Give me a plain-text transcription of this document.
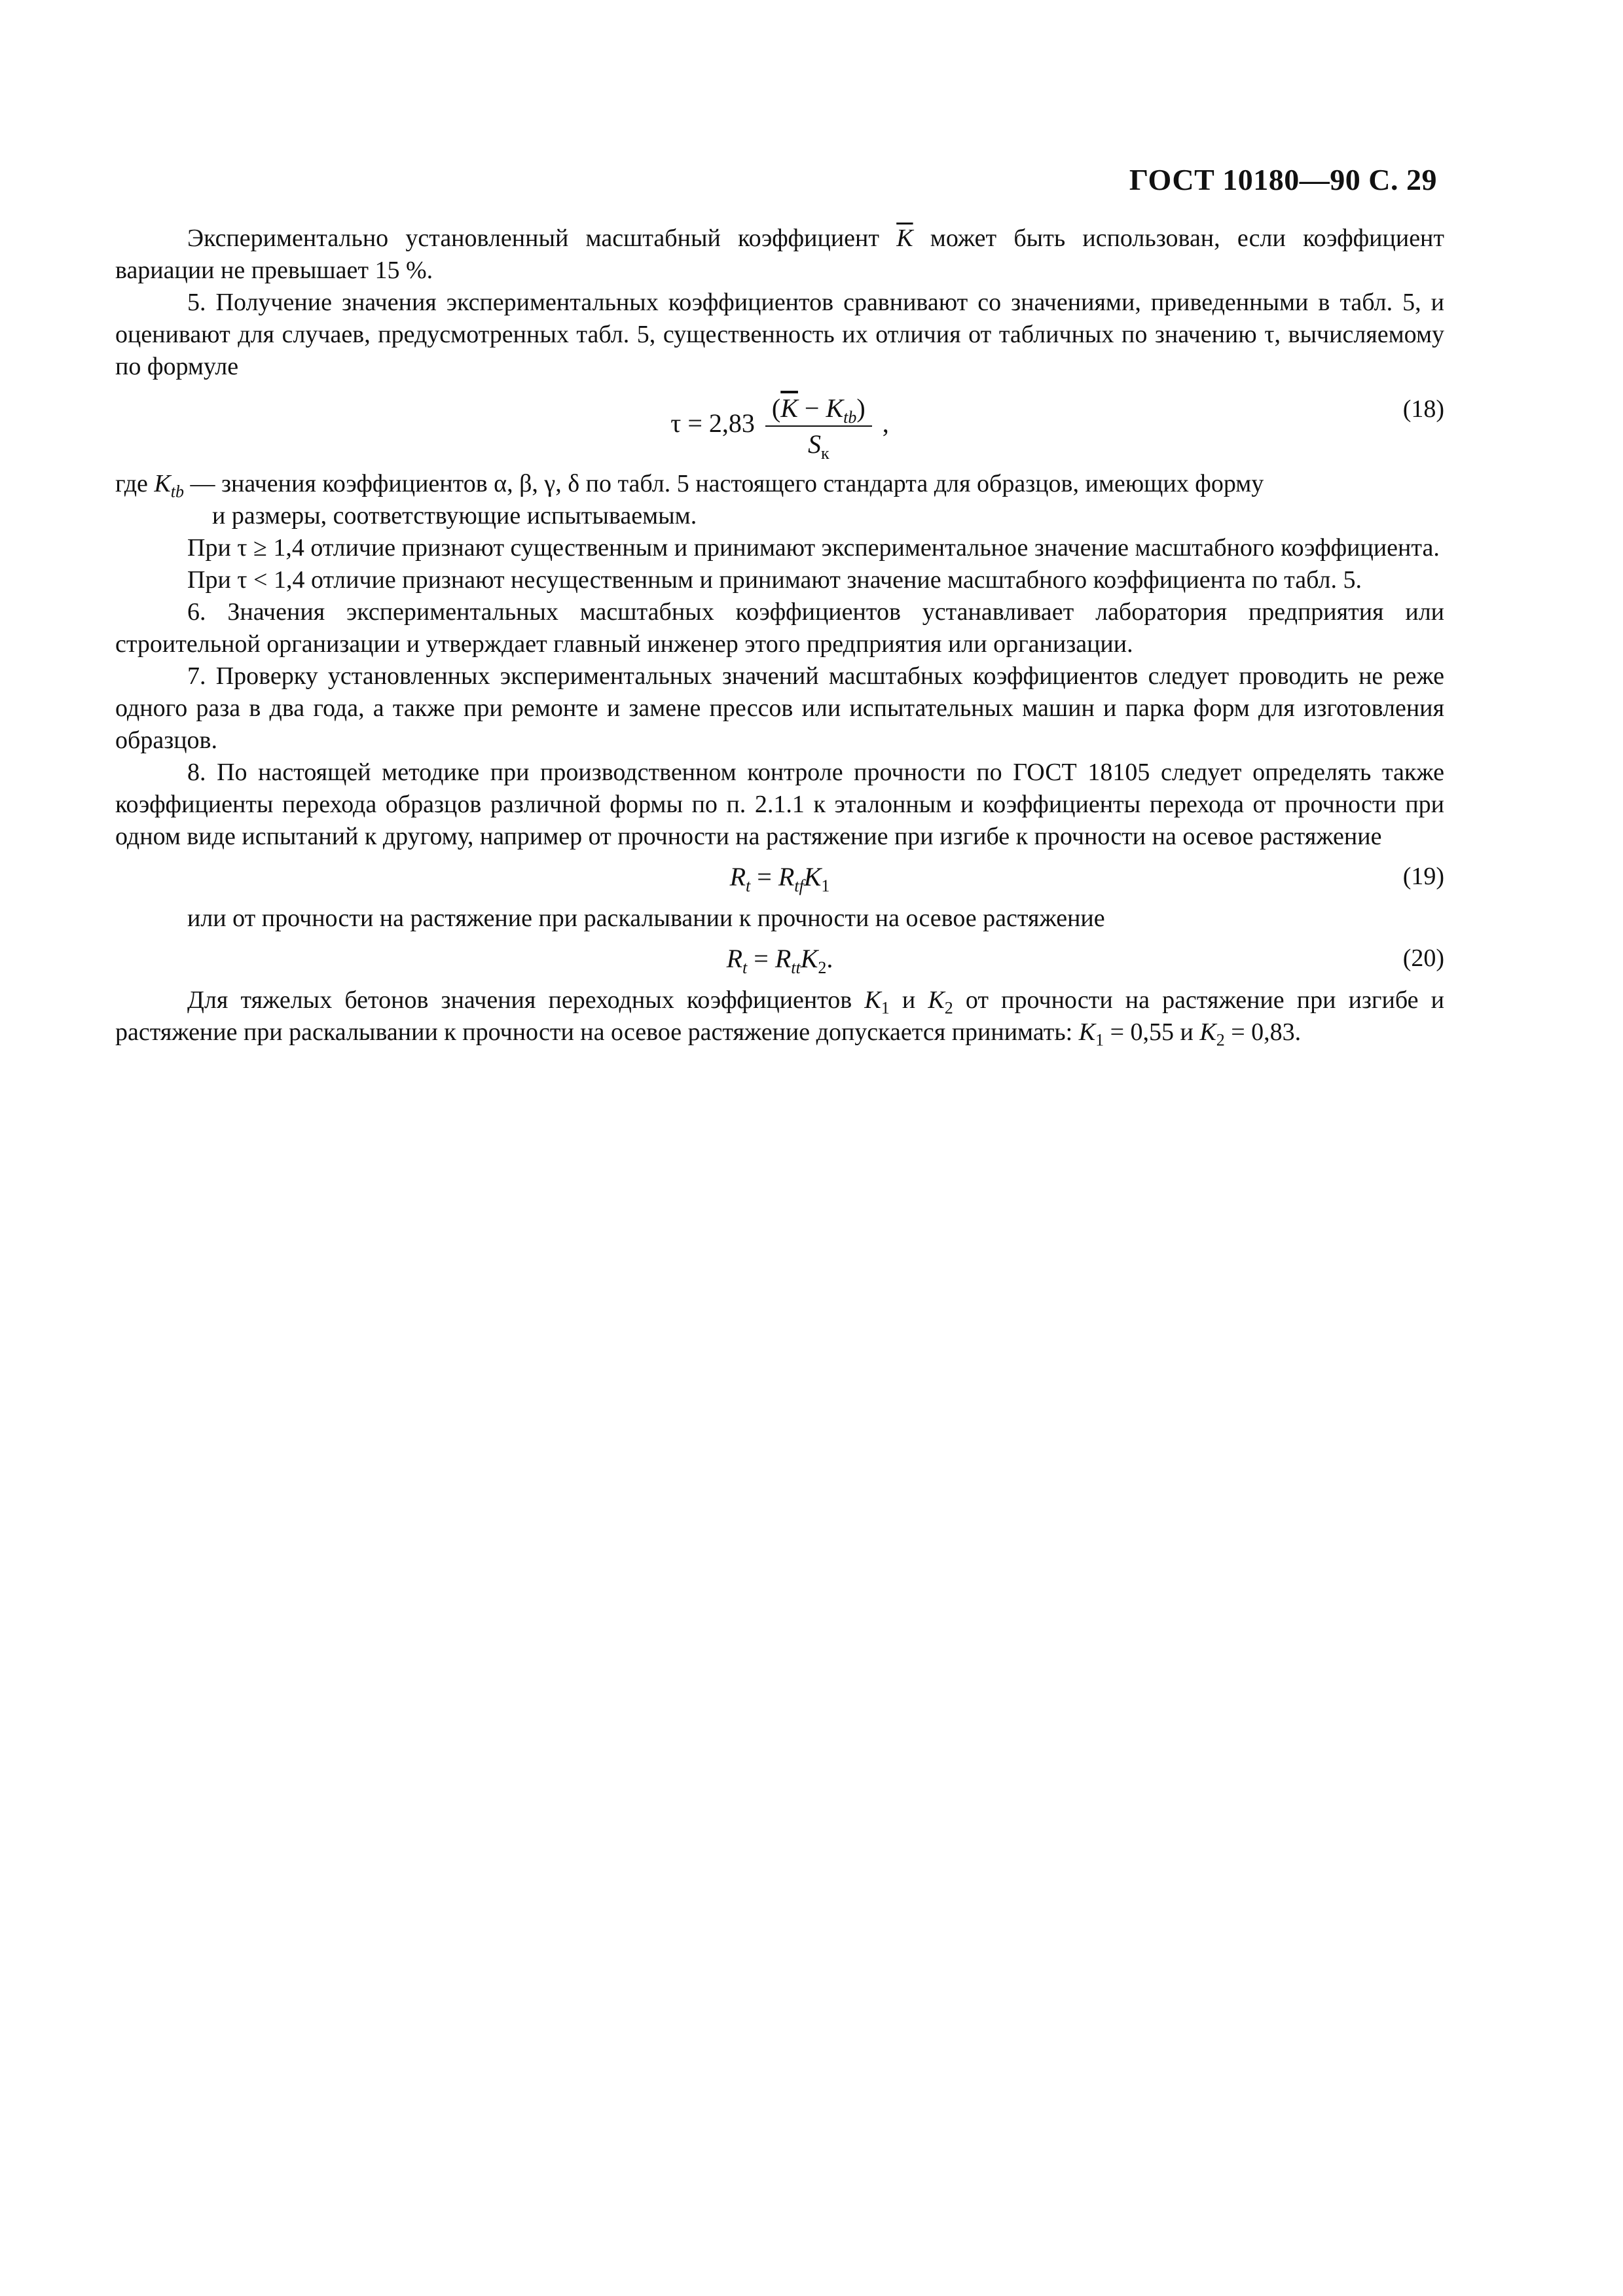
ГОСТ 10180—90 С. 29

Экспериментально установленный масштабный коэффициент $\overline{K}$ может быть использован, если коэффициент вариации не превышает 15 %.

5. Получение значения экспериментальных коэффициентов сравнивают со значениями, приведенными в табл. 5, и оценивают для случаев, предусмотренных табл. 5, существенность их отличия от табличных по значению τ, вычисляемому по формуле

$\tau = 2,83 \frac{(\overline{K} - K_{tb})}{S_к}$ ,	(18)

где $K_{tb}$ — значения коэффициентов α, β, γ, δ по табл. 5 настоящего стандарта для образцов, имеющих форму

и размеры, соответствующие испытываемым.

При τ ≥ 1,4 отличие признают существенным и принимают экспериментальное значение масштабного коэффициента.

При τ < 1,4 отличие признают несущественным и принимают значение масштабного коэффициента по табл. 5.

6. Значения экспериментальных масштабных коэффициентов устанавливает лаборатория предприятия или строительной организации и утверждает главный инженер этого предприятия или организации.

7. Проверку установленных экспериментальных значений масштабных коэффициентов следует проводить не реже одного раза в два года, а также при ремонте и замене прессов или испытательных машин и парка форм для изготовления образцов.

8. По настоящей методике при производственном контроле прочности по ГОСТ 18105 следует определять также коэффициенты перехода образцов различной формы по п. 2.1.1 к эталонным и коэффициенты перехода от прочности при одном виде испытаний к другому, например от прочности на растяжение при изгибе к прочности на осевое растяжение

$R_t = R_{tf}K_1$	(19)

или от прочности на растяжение при раскалывании к прочности на осевое растяжение

$R_t = R_{tt}K_2$.	(20)

Для тяжелых бетонов значения переходных коэффициентов $K_1$ и $K_2$ от прочности на растяжение при изгибе и растяжение при раскалывании к прочности на осевое растяжение допускается принимать: $K_1 = 0,55$ и $K_2 = 0,83$.
